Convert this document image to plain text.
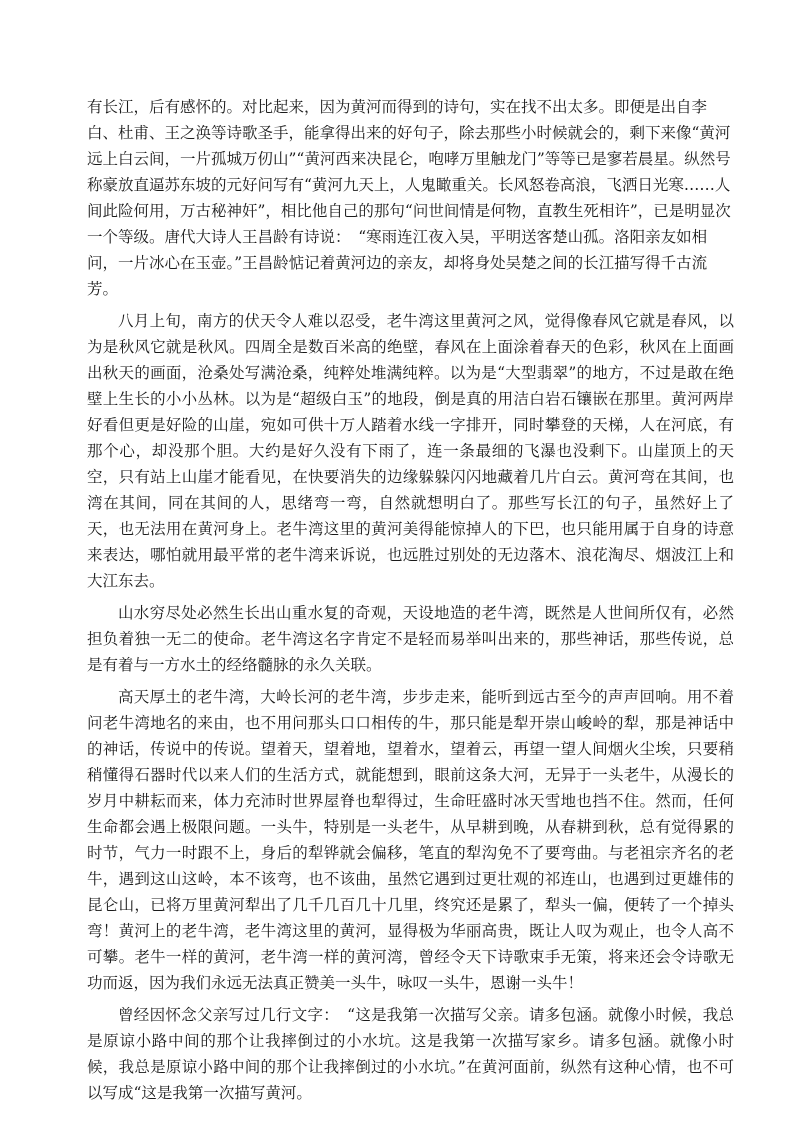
有长江，后有感怀的。对比起来，因为黄河而得到的诗句，实在找不出太多。即便是出自李白、杜甫、王之涣等诗歌圣手，能拿得出来的好句子，除去那些小时候就会的，剩下来像“黄河远上白云间，一片孤城万仞山”“黄河西来决昆仑，咆哮万里触龙门”等等已是寥若晨星。纵然号称豪放直逼苏东坡的元好问写有“黄河九天上，人鬼瞰重关。长风怒卷高浪，飞洒日光寒……人间此险何用，万古秘神奸”，相比他自己的那句“问世间情是何物，直教生死相许”，已是明显次一个等级。唐代大诗人王昌龄有诗说：　“寒雨连江夜入吴，平明送客楚山孤。洛阳亲友如相问，一片冰心在玉壶。”王昌龄惦记着黄河边的亲友，却将身处吴楚之间的长江描写得千古流芳。

八月上旬，南方的伏天令人难以忍受，老牛湾这里黄河之风，觉得像春风它就是春风，以为是秋风它就是秋风。四周全是数百米高的绝壁，春风在上面涂着春天的色彩，秋风在上面画出秋天的画面，沧桑处写满沧桑，纯粹处堆满纯粹。以为是“大型翡翠”的地方，不过是敢在绝壁上生长的小小丛林。以为是“超级白玉”的地段，倒是真的用洁白岩石镶嵌在那里。黄河两岸好看但更是好险的山崖，宛如可供十万人踏着水线一字排开，同时攀登的天梯，人在河底，有那个心，却没那个胆。大约是好久没有下雨了，连一条最细的飞瀑也没剩下。山崖顶上的天空，只有站上山崖才能看见，在快要消失的边缘躲躲闪闪地藏着几片白云。黄河弯在其间，也湾在其间，同在其间的人，思绪弯一弯，自然就想明白了。那些写长江的句子，虽然好上了天，也无法用在黄河身上。老牛湾这里的黄河美得能惊掉人的下巴，也只能用属于自身的诗意来表达，哪怕就用最平常的老牛湾来诉说，也远胜过别处的无边落木、浪花淘尽、烟波江上和大江东去。

山水穷尽处必然生长出山重水复的奇观，天设地造的老牛湾，既然是人世间所仅有，必然担负着独一无二的使命。老牛湾这名字肯定不是轻而易举叫出来的，那些神话，那些传说，总是有着与一方水土的经络髓脉的永久关联。

高天厚土的老牛湾，大岭长河的老牛湾，步步走来，能听到远古至今的声声回响。用不着问老牛湾地名的来由，也不用问那头口口相传的牛，那只能是犁开崇山峻岭的犁，那是神话中的神话，传说中的传说。望着天，望着地，望着水，望着云，再望一望人间烟火尘埃，只要稍稍懂得石器时代以来人们的生活方式，就能想到，眼前这条大河，无异于一头老牛，从漫长的岁月中耕耘而来，体力充沛时世界屋脊也犁得过，生命旺盛时冰天雪地也挡不住。然而，任何生命都会遇上极限问题。一头牛，特别是一头老牛，从早耕到晚，从春耕到秋，总有觉得累的时节，气力一时跟不上，身后的犁铧就会偏移，笔直的犁沟免不了要弯曲。与老祖宗齐名的老牛，遇到这山这岭，本不该弯，也不该曲，虽然它遇到过更壮观的祁连山，也遇到过更雄伟的昆仑山，已将万里黄河犁出了几千几百几十几里，终究还是累了，犁头一偏，便转了一个掉头弯！黄河上的老牛湾，老牛湾这里的黄河，显得极为华丽高贵，既让人叹为观止，也令人高不可攀。老牛一样的黄河，老牛湾一样的黄河湾，曾经令天下诗歌束手无策，将来还会令诗歌无功而返，因为我们永远无法真正赞美一头牛，咏叹一头牛，恩谢一头牛！

曾经因怀念父亲写过几行文字：　“这是我第一次描写父亲。请多包涵。就像小时候，我总是原谅小路中间的那个让我摔倒过的小水坑。这是我第一次描写家乡。请多包涵。就像小时候，我总是原谅小路中间的那个让我摔倒过的小水坑。”在黄河面前，纵然有这种心情，也不可以写成“这是我第一次描写黄河。
